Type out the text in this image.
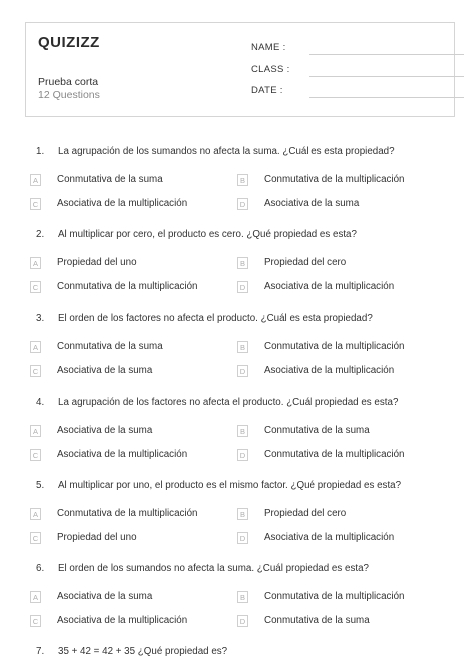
QUIZIZZ
Prueba corta
12 Questions
NAME :
CLASS :
DATE :
1. La agrupación de los sumandos no afecta la suma. ¿Cuál es esta propiedad?
A	Conmutativa de la suma	B	Conmutativa de la multiplicación
C Asociativa de la multiplicación	D Asociativa de la suma
2. Al multiplicar por cero, el producto es cero. ¿Qué propiedad es esta?
A	Propiedad del uno	B	Propiedad del cero
C Conmutativa de la multiplicación	D Asociativa de la multiplicación
3. El orden de los factores no afecta el producto. ¿Cuál es esta propiedad?
A	Conmutativa de la suma	B	Conmutativa de la multiplicación
C Asociativa de la suma	D Asociativa de la multiplicación
4. La agrupación de los factores no afecta el producto. ¿Cuál propiedad es esta?
A	Asociativa de la suma	B	Conmutativa de la suma
C Asociativa de la multiplicación	D Conmutativa de la multiplicación
5. Al multiplicar por uno, el producto es el mismo factor. ¿Qué propiedad es esta?
A	Conmutativa de la multiplicación	B	Propiedad del cero
C Propiedad del uno	D Asociativa de la multiplicación
6. El orden de los sumandos no afecta la suma. ¿Cuál propiedad es esta?
A	Asociativa de la suma	B	Conmutativa de la multiplicación
C Asociativa de la multiplicación	D Conmutativa de la suma
7. 35 + 42 = 42 + 35 ¿Qué propiedad es?
